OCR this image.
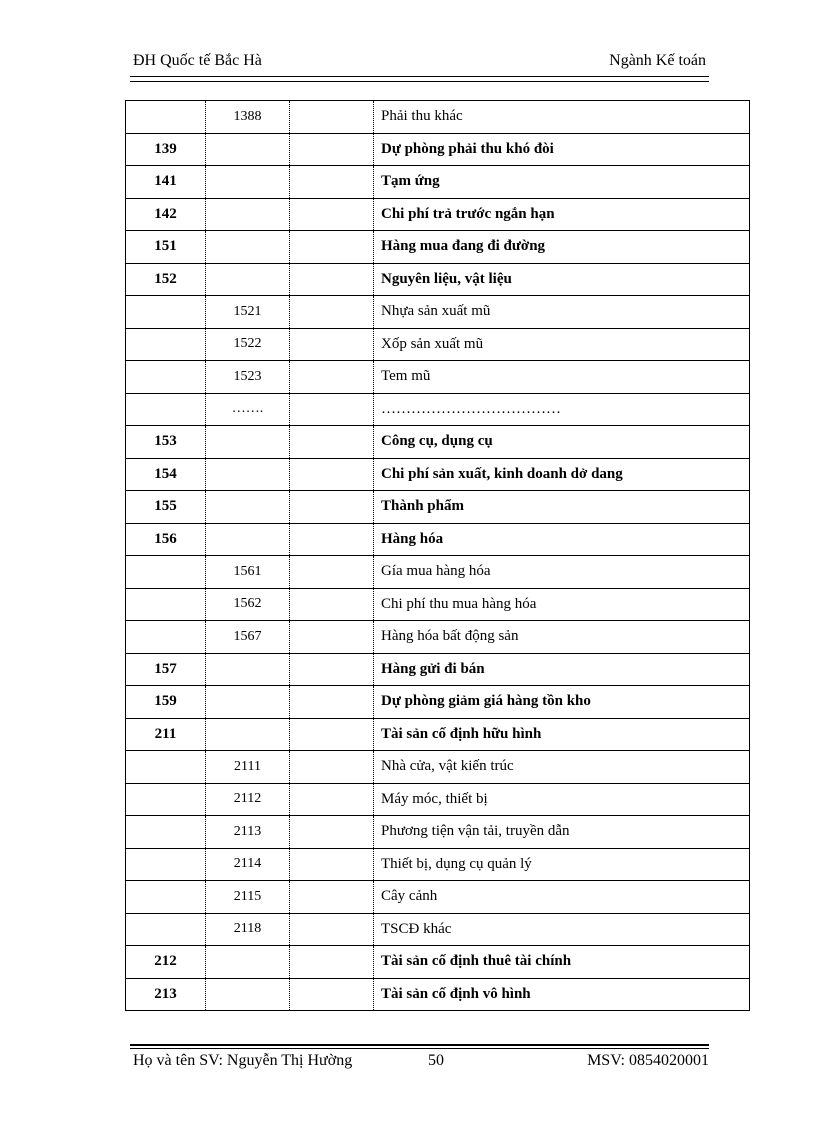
ĐH Quốc tế Bắc Hà	Ngành Kế toán
	1388		Phải thu khác
139			Dự phòng phải thu khó đòi
141			Tạm ứng
142			Chi phí trả trước ngắn hạn
151			Hàng mua đang đi đường
152			Nguyên liệu, vật liệu
	1521		Nhựa sản xuất mũ
	1522		Xốp sản xuất mũ
	1523		Tem mũ
	…….		………………………………
153			Công cụ, dụng cụ
154			Chi phí sản xuất, kinh doanh dở dang
155			Thành phẩm
156			Hàng hóa
	1561		Gía mua hàng hóa
	1562		Chi phí thu mua hàng hóa
	1567		Hàng hóa bất động sản
157			Hàng gửi đi bán
159			Dự phòng giảm giá hàng tồn kho
211			Tài sản cố định hữu hình
	2111		Nhà cửa, vật kiến trúc
	2112		Máy móc, thiết bị
	2113		Phương tiện vận tải, truyền dẫn
	2114		Thiết bị, dụng cụ quản lý
	2115		Cây cảnh
	2118		TSCĐ khác
212			Tài sản cố định thuê tài chính
213			Tài sản cố định vô hình
Họ và tên SV: Nguyễn Thị Hường	50	MSV: 0854020001
